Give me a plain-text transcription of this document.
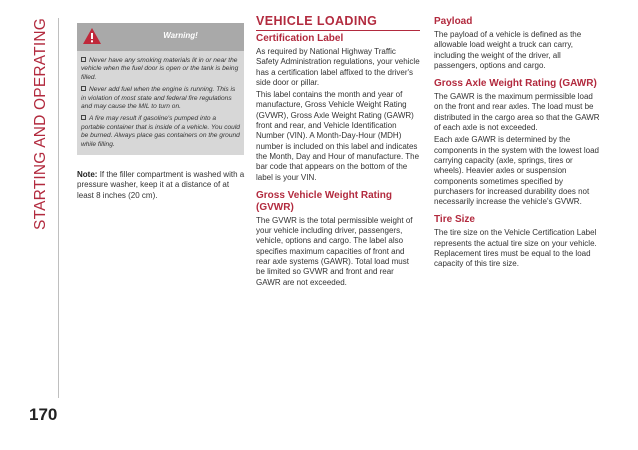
STARTING AND OPERATING
170
Warning!
Never have any smoking materials lit in or near the vehicle when the fuel door is open or the tank is being filled.
Never add fuel when the engine is running. This is in violation of most state and federal fire regulations and may cause the MIL to turn on.
A fire may result if gasoline's pumped into a portable container that is inside of a vehicle. You could be burned. Always place gas containers on the ground while filling.
Note: If the filler compartment is washed with a pressure washer, keep it at a distance of at least 8 inches (20 cm).
VEHICLE LOADING
Certification Label

As required by National Highway Traffic Safety Administration regulations, your vehicle has a certification label affixed to the driver's side door or pillar.

This label contains the month and year of manufacture, Gross Vehicle Weight Rating (GVWR), Gross Axle Weight Rating (GAWR) front and rear, and Vehicle Identification Number (VIN). A Month-Day-Hour (MDH) number is included on this label and indicates the Month, Day and Hour of manufacture. The bar code that appears on the bottom of the label is your VIN.

Gross Vehicle Weight Rating (GVWR)

The GVWR is the total permissible weight of your vehicle including driver, passengers, vehicle, options and cargo. The label also specifies maximum capacities of front and rear axle systems (GAWR). Total load must be limited so GVWR and front and rear GAWR are not exceeded.

Payload

The payload of a vehicle is defined as the allowable load weight a truck can carry, including the weight of the driver, all passengers, options and cargo.

Gross Axle Weight Rating (GAWR)

The GAWR is the maximum permissible load on the front and rear axles. The load must be distributed in the cargo area so that the GAWR of each axle is not exceeded.

Each axle GAWR is determined by the components in the system with the lowest load carrying capacity (axle, springs, tires or wheels). Heavier axles or suspension components sometimes specified by purchasers for increased durability does not necessarily increase the vehicle's GVWR.

Tire Size

The tire size on the Vehicle Certification Label represents the actual tire size on your vehicle. Replacement tires must be equal to the load capacity of this tire size.
